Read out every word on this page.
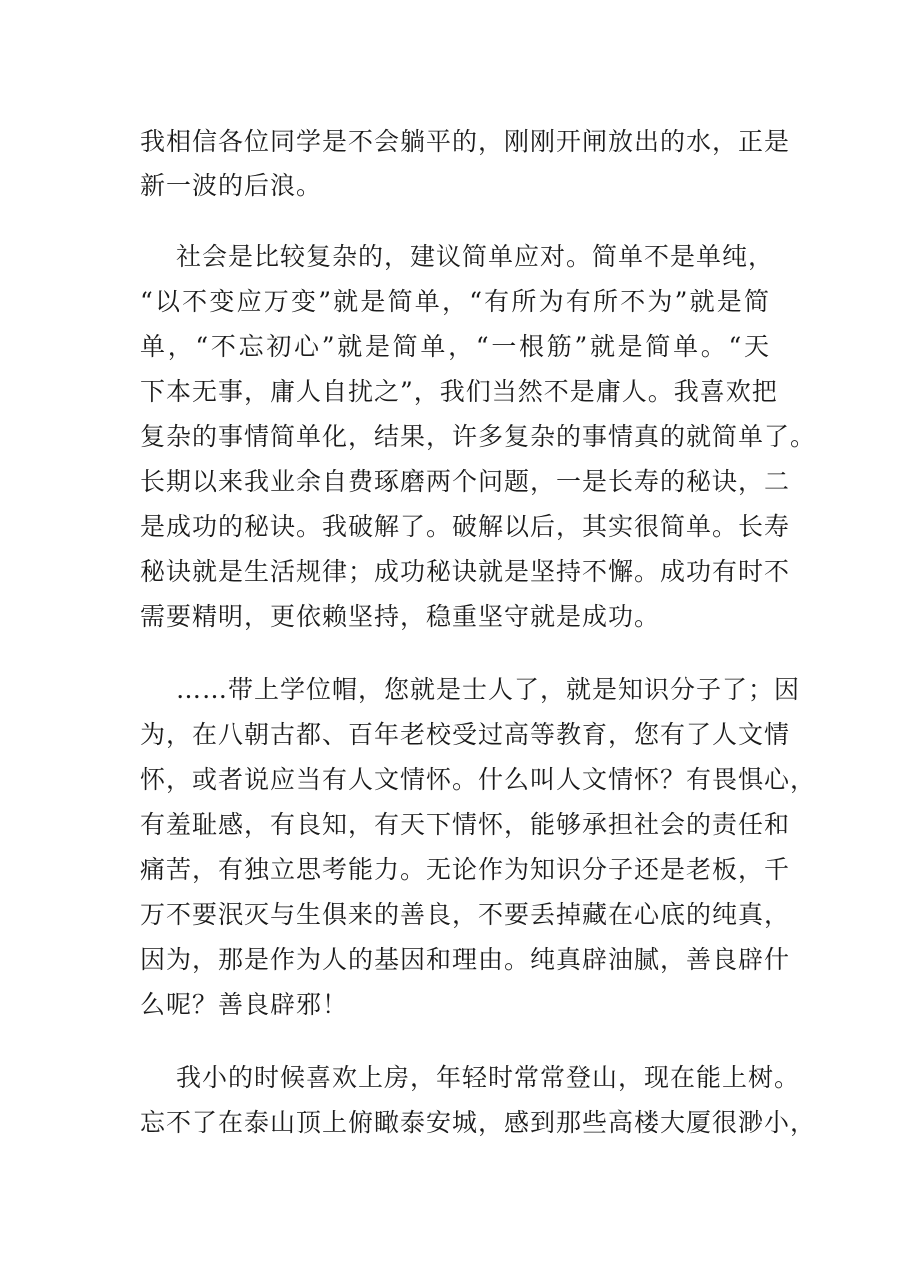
我相信各位同学是不会躺平的，刚刚开闸放出的水，正是
新一波的后浪。
社会是比较复杂的，建议简单应对。简单不是单纯，
“以不变应万变”就是简单，“有所为有所不为”就是简
单，“不忘初心”就是简单，“一根筋”就是简单。“天
下本无事，庸人自扰之”，我们当然不是庸人。我喜欢把
复杂的事情简单化，结果，许多复杂的事情真的就简单了。
长期以来我业余自费琢磨两个问题，一是长寿的秘诀，二
是成功的秘诀。我破解了。破解以后，其实很简单。长寿
秘诀就是生活规律；成功秘诀就是坚持不懈。成功有时不
需要精明，更依赖坚持，稳重坚守就是成功。
……带上学位帽，您就是士人了，就是知识分子了；因
为，在八朝古都、百年老校受过高等教育，您有了人文情
怀，或者说应当有人文情怀。什么叫人文情怀？有畏惧心，
有羞耻感，有良知，有天下情怀，能够承担社会的责任和
痛苦，有独立思考能力。无论作为知识分子还是老板，千
万不要泯灭与生俱来的善良，不要丢掉藏在心底的纯真，
因为，那是作为人的基因和理由。纯真辟油腻，善良辟什
么呢？善良辟邪！
我小的时候喜欢上房，年轻时常常登山，现在能上树。
忘不了在泰山顶上俯瞰泰安城，感到那些高楼大厦很渺小，
